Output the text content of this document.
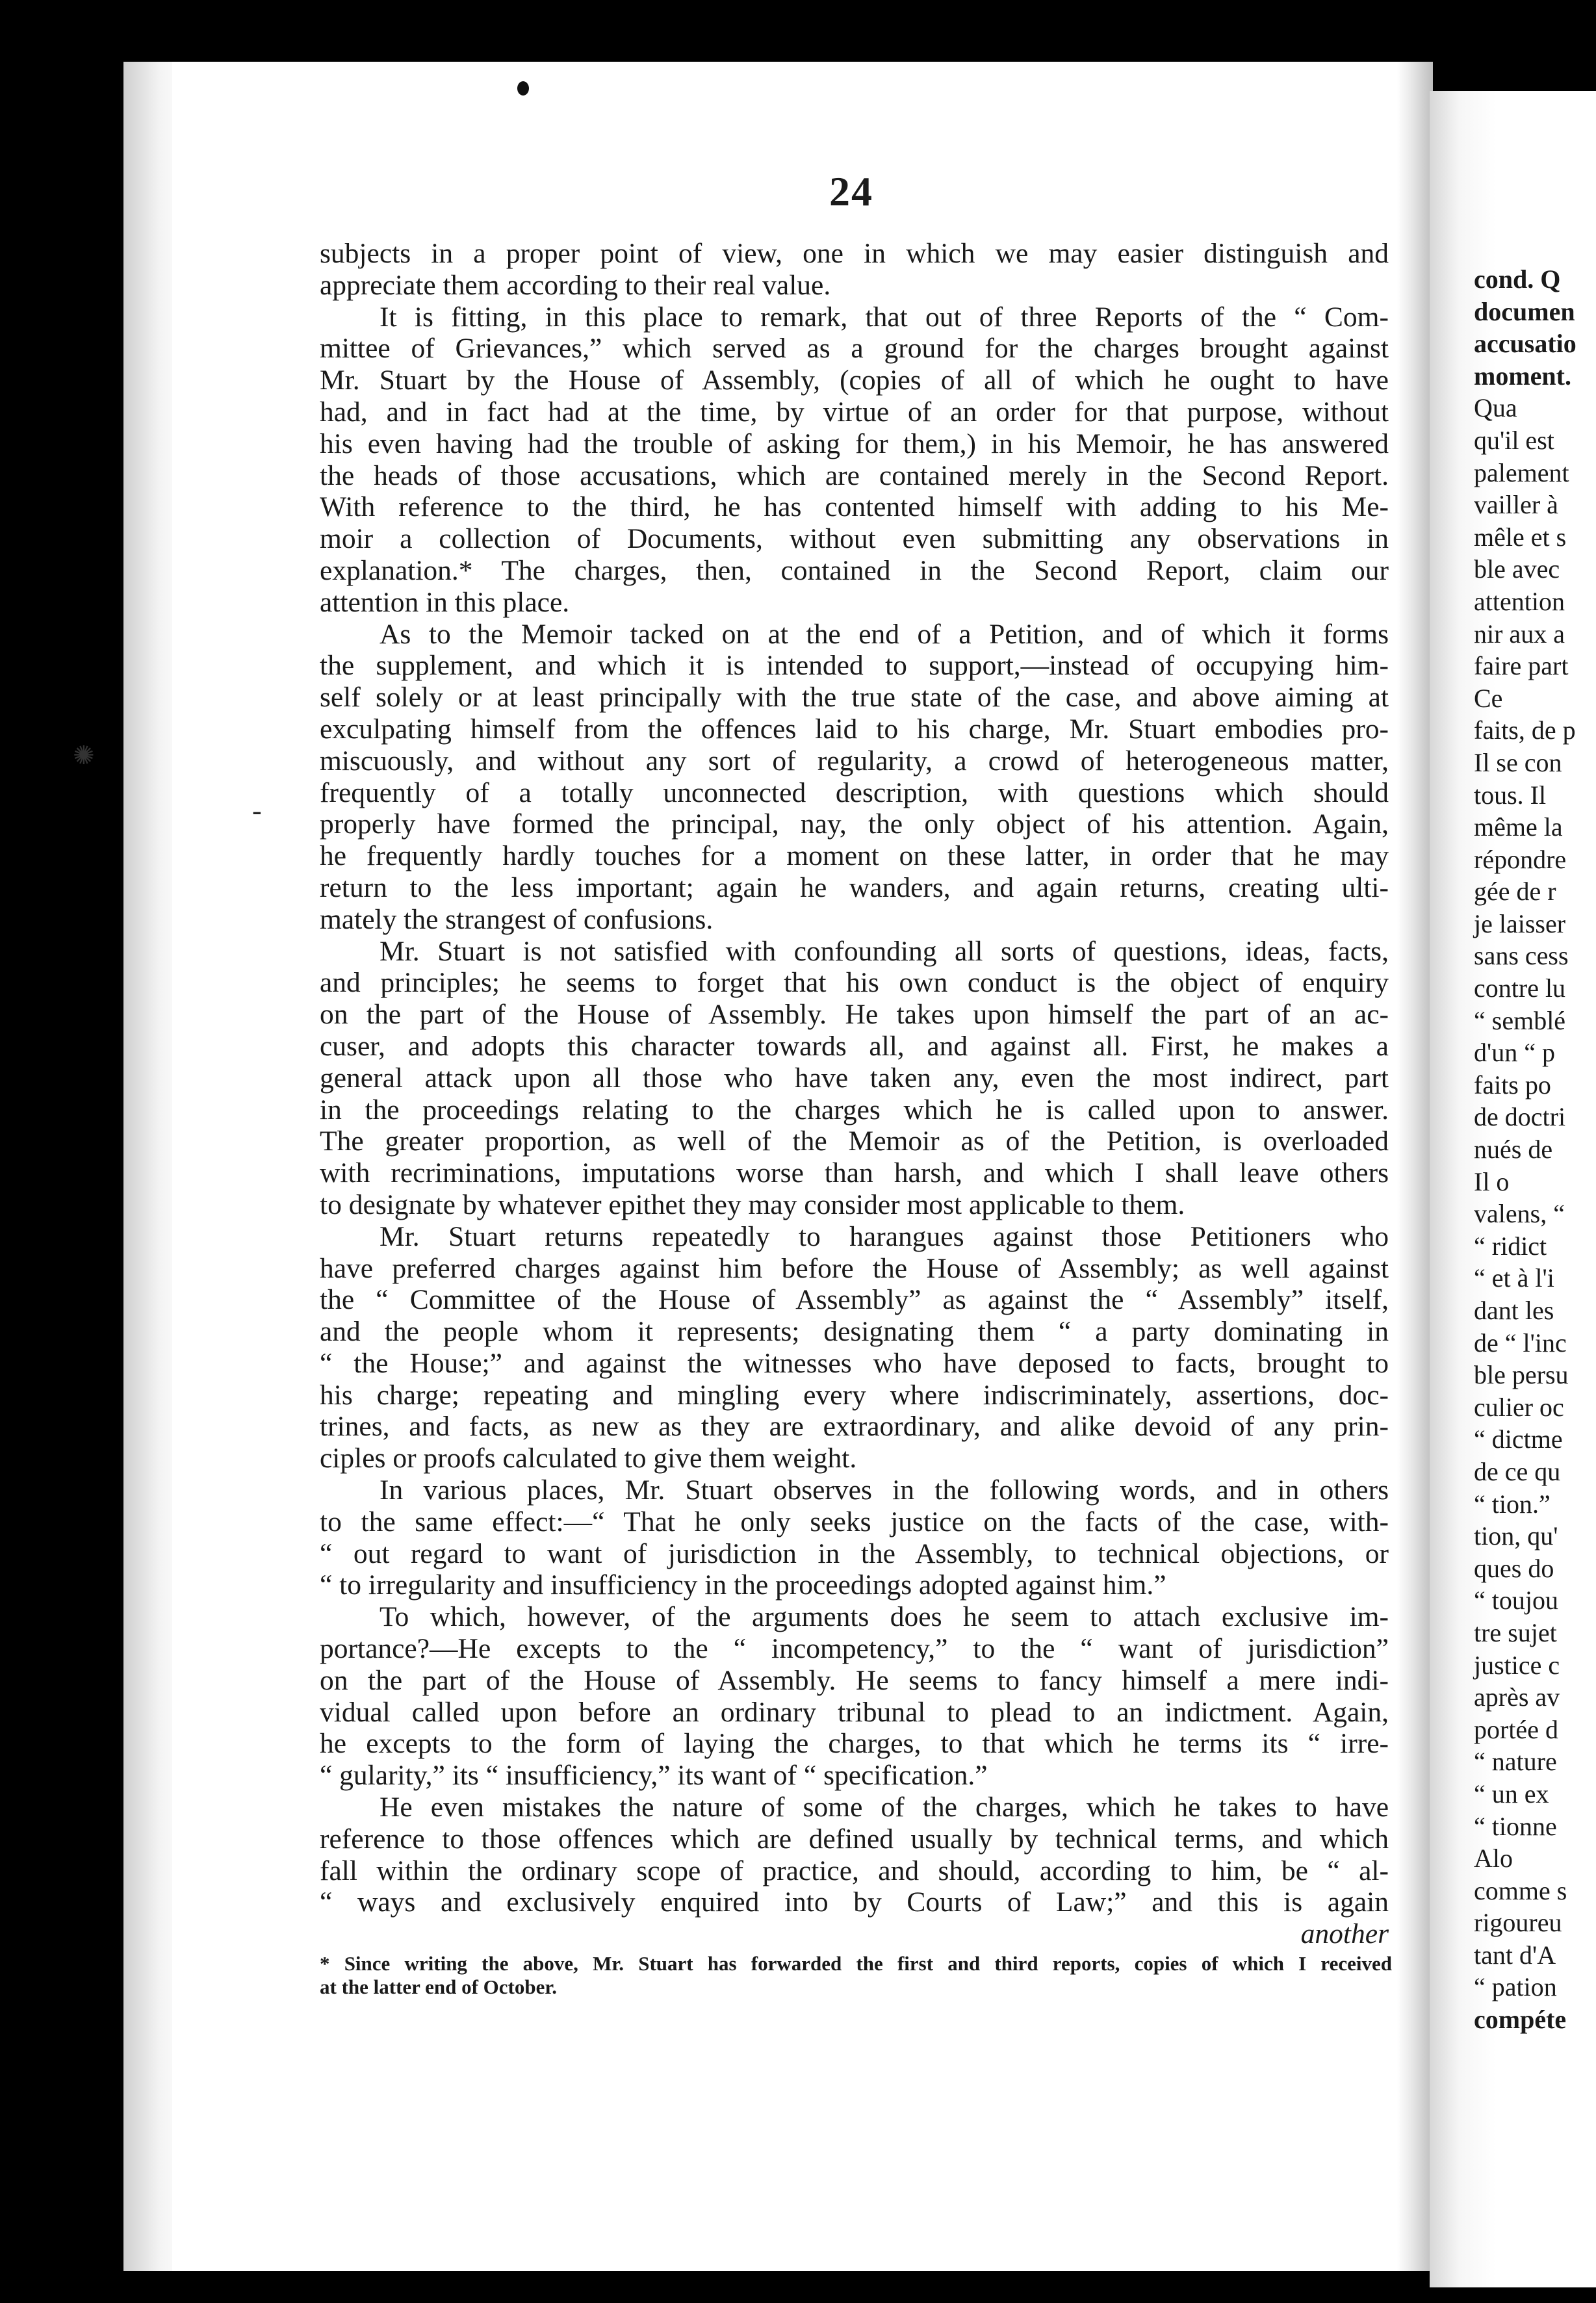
✺
-
24
subjects in a proper point of view, one in which we may easier distinguish and
appreciate them according to their real value.
It is fitting, in this place to remark, that out of three Reports of the “ Com-
mittee of Grievances,” which served as a ground for the charges brought against
Mr. Stuart by the House of Assembly, (copies of all of which he ought to have
had, and in fact had at the time, by virtue of an order for that purpose, without
his even having had the trouble of asking for them,) in his Memoir, he has answered
the heads of those accusations, which are contained merely in the Second Report.
With reference to the third, he has contented himself with adding to his Me-
moir a collection of Documents, without even submitting any observations in
explanation.* The charges, then, contained in the Second Report, claim our
attention in this place.
As to the Memoir tacked on at the end of a Petition, and of which it forms
the supplement, and which it is intended to support,—instead of occupying him-
self solely or at least principally with the true state of the case, and above aiming at
exculpating himself from the offences laid to his charge, Mr. Stuart embodies pro-
miscuously, and without any sort of regularity, a crowd of heterogeneous matter,
frequently of a totally unconnected description, with questions which should
properly have formed the principal, nay, the only object of his attention. Again,
he frequently hardly touches for a moment on these latter, in order that he may
return to the less important; again he wanders, and again returns, creating ulti-
mately the strangest of confusions.
Mr. Stuart is not satisfied with confounding all sorts of questions, ideas, facts,
and principles; he seems to forget that his own conduct is the object of enquiry
on the part of the House of Assembly. He takes upon himself the part of an ac-
cuser, and adopts this character towards all, and against all. First, he makes a
general attack upon all those who have taken any, even the most indirect, part
in the proceedings relating to the charges which he is called upon to answer.
The greater proportion, as well of the Memoir as of the Petition, is overloaded
with recriminations, imputations worse than harsh, and which I shall leave others
to designate by whatever epithet they may consider most applicable to them.
Mr. Stuart returns repeatedly to harangues against those Petitioners who
have preferred charges against him before the House of Assembly; as well against
the “ Committee of the House of Assembly” as against the “ Assembly” itself,
and the people whom it represents; designating them “ a party dominating in
“ the House;” and against the witnesses who have deposed to facts, brought to
his charge; repeating and mingling every where indiscriminately, assertions, doc-
trines, and facts, as new as they are extraordinary, and alike devoid of any prin-
ciples or proofs calculated to give them weight.
In various places, Mr. Stuart observes in the following words, and in others
to the same effect:—“ That he only seeks justice on the facts of the case, with-
“ out regard to want of jurisdiction in the Assembly, to technical objections, or
“ to irregularity and insufficiency in the proceedings adopted against him.”
To which, however, of the arguments does he seem to attach exclusive im-
portance?—He excepts to the “ incompetency,” to the “ want of jurisdiction”
on the part of the House of Assembly. He seems to fancy himself a mere indi-
vidual called upon before an ordinary tribunal to plead to an indictment. Again,
he excepts to the form of laying the charges, to that which he terms its “ irre-
“ gularity,” its “ insufficiency,” its want of “ specification.”
He even mistakes the nature of some of the charges, which he takes to have
reference to those offences which are defined usually by technical terms, and which
fall within the ordinary scope of practice, and should, according to him, be “ al-
“ ways and exclusively enquired into by Courts of Law;” and this is again
another
* Since writing the above, Mr. Stuart has forwarded the first and third reports, copies of which I received
at the latter end of October.
cond. Q
documen
accusatio
moment.
Qua
qu'il est
palement
vailler à
mêle et s
ble avec
attention
nir aux a
faire part
Ce
faits, de p
Il se con
tous. Il
même la
répondre
gée de r
je laisser
sans cess
contre lu
“ semblé
d'un “ p
faits po
de doctri
nués de
Il o
valens, “
“ ridict
“ et à l'i
dant les
de “ l'inc
ble persu
culier oc
“ dictme
de ce qu
“ tion.”
tion, qu'
ques do
“ toujou
tre sujet
justice c
après av
portée d
“ nature
“ un ex
“ tionne
Alo
comme s
rigoureu
tant d'A
“ pation
compéte
